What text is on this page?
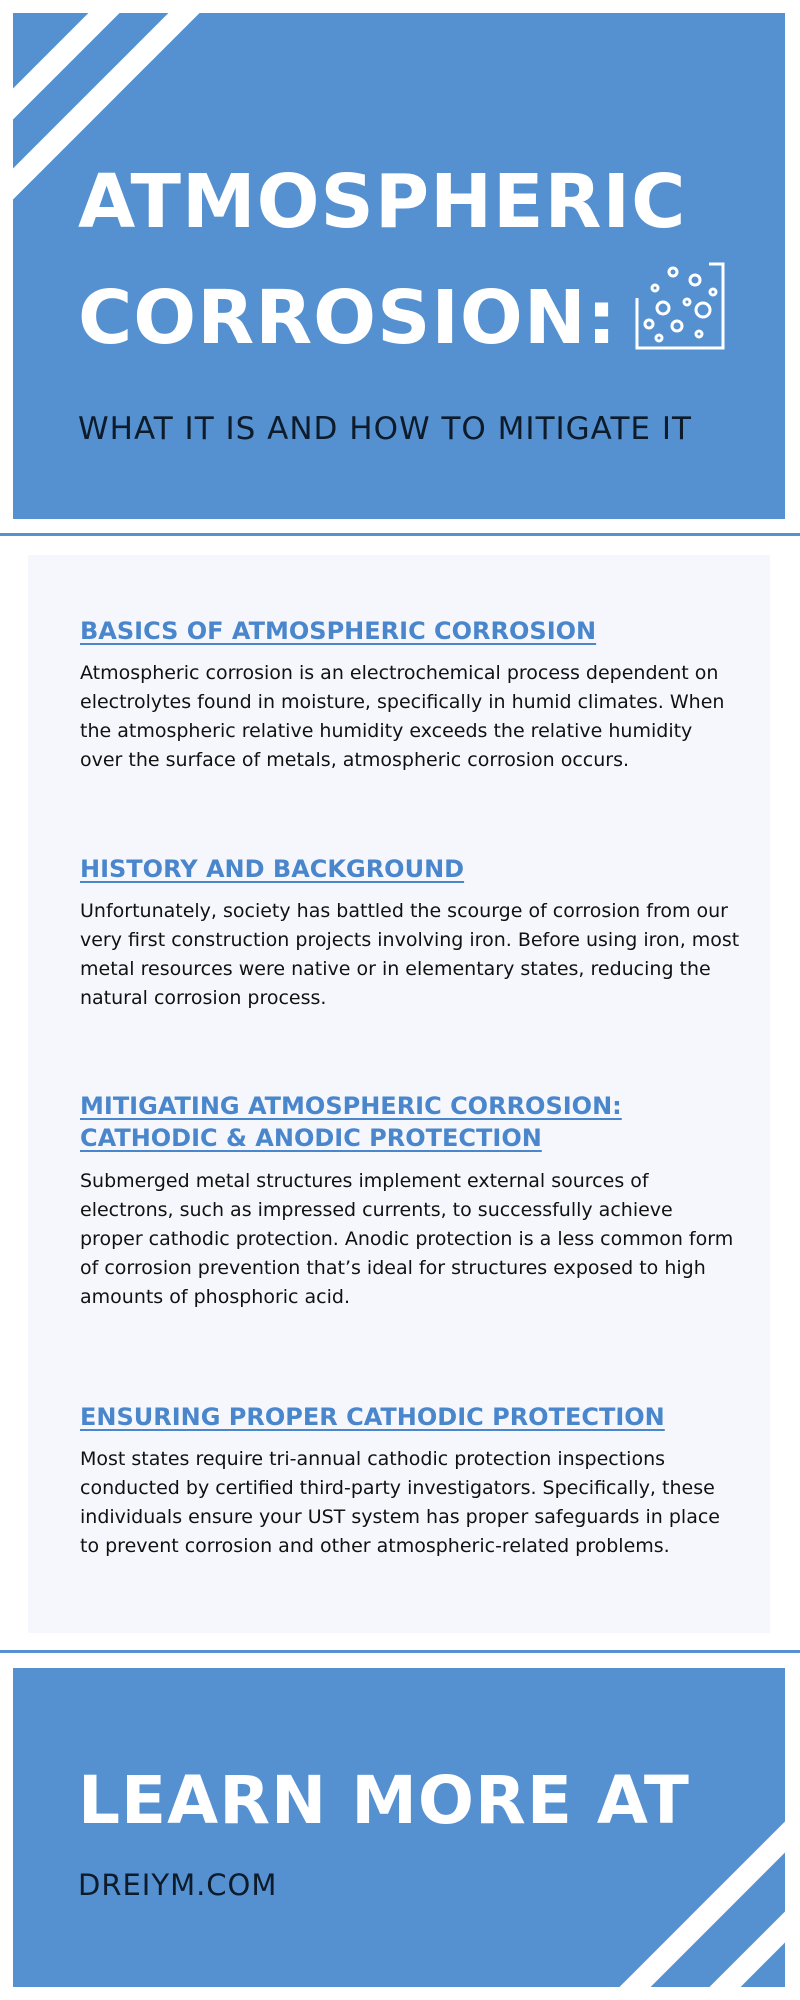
ATMOSPHERIC
CORROSION:
WHAT IT IS AND HOW TO MITIGATE IT
BASICS OF ATMOSPHERIC CORROSION

Atmospheric corrosion is an electrochemical process dependent on electrolytes found in moisture, specifically in humid climates. When the atmospheric relative humidity exceeds the relative humidity over the surface of metals, atmospheric corrosion occurs.

HISTORY AND BACKGROUND

Unfortunately, society has battled the scourge of corrosion from our very first construction projects involving iron. Before using iron, most metal resources were native or in elementary states, reducing the natural corrosion process.

MITIGATING ATMOSPHERIC CORROSION:
CATHODIC & ANODIC PROTECTION

Submerged metal structures implement external sources of electrons, such as impressed currents, to successfully achieve proper cathodic protection. Anodic protection is a less common form of corrosion prevention that’s ideal for structures exposed to high amounts of phosphoric acid.

ENSURING PROPER CATHODIC PROTECTION

Most states require tri-annual cathodic protection inspections conducted by certified third-party investigators. Specifically, these individuals ensure your UST system has proper safeguards in place to prevent corrosion and other atmospheric-related problems.

LEARN MORE AT
DREIYM.COM
